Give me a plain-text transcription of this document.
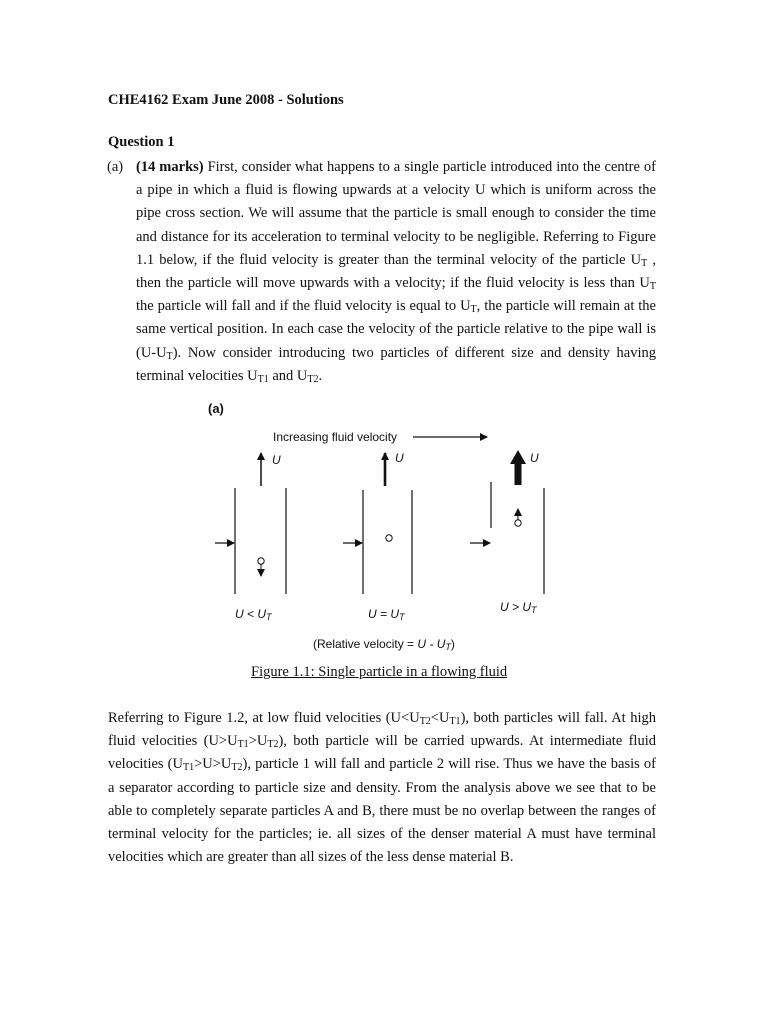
CHE4162 Exam June 2008 - Solutions
Question 1
(a) (14 marks) First, consider what happens to a single particle introduced into the centre of a pipe in which a fluid is flowing upwards at a velocity U which is uniform across the pipe cross section. We will assume that the particle is small enough to consider the time and distance for its acceleration to terminal velocity to be negligible. Referring to Figure 1.1 below, if the fluid velocity is greater than the terminal velocity of the particle $U_T$ , then the particle will move upwards with a velocity; if the fluid velocity is less than $U_T$ the particle will fall and if the fluid velocity is equal to $U_T$, the particle will remain at the same vertical position. In each case the velocity of the particle relative to the pipe wall is $(U-U_T)$. Now consider introducing two particles of different size and density having terminal velocities $U_{T1}$ and $U_{T2}$.
(a)
Increasing fluid velocity
U
U < UT
U
U = UT
U
U > UT
(Relative velocity = U - UT)
Figure 1.1: Single particle in a flowing fluid
Referring to Figure 1.2, at low fluid velocities $(U<U_{T2}<U_{T1})$, both particles will fall. At high fluid velocities $(U>U_{T1}>U_{T2})$, both particle will be carried upwards. At intermediate fluid velocities $(U_{T1}>U>U_{T2})$, particle 1 will fall and particle 2 will rise. Thus we have the basis of a separator according to particle size and density. From the analysis above we see that to be able to completely separate particles A and B, there must be no overlap between the ranges of terminal velocity for the particles; ie. all sizes of the denser material A must have terminal velocities which are greater than all sizes of the less dense material B.
